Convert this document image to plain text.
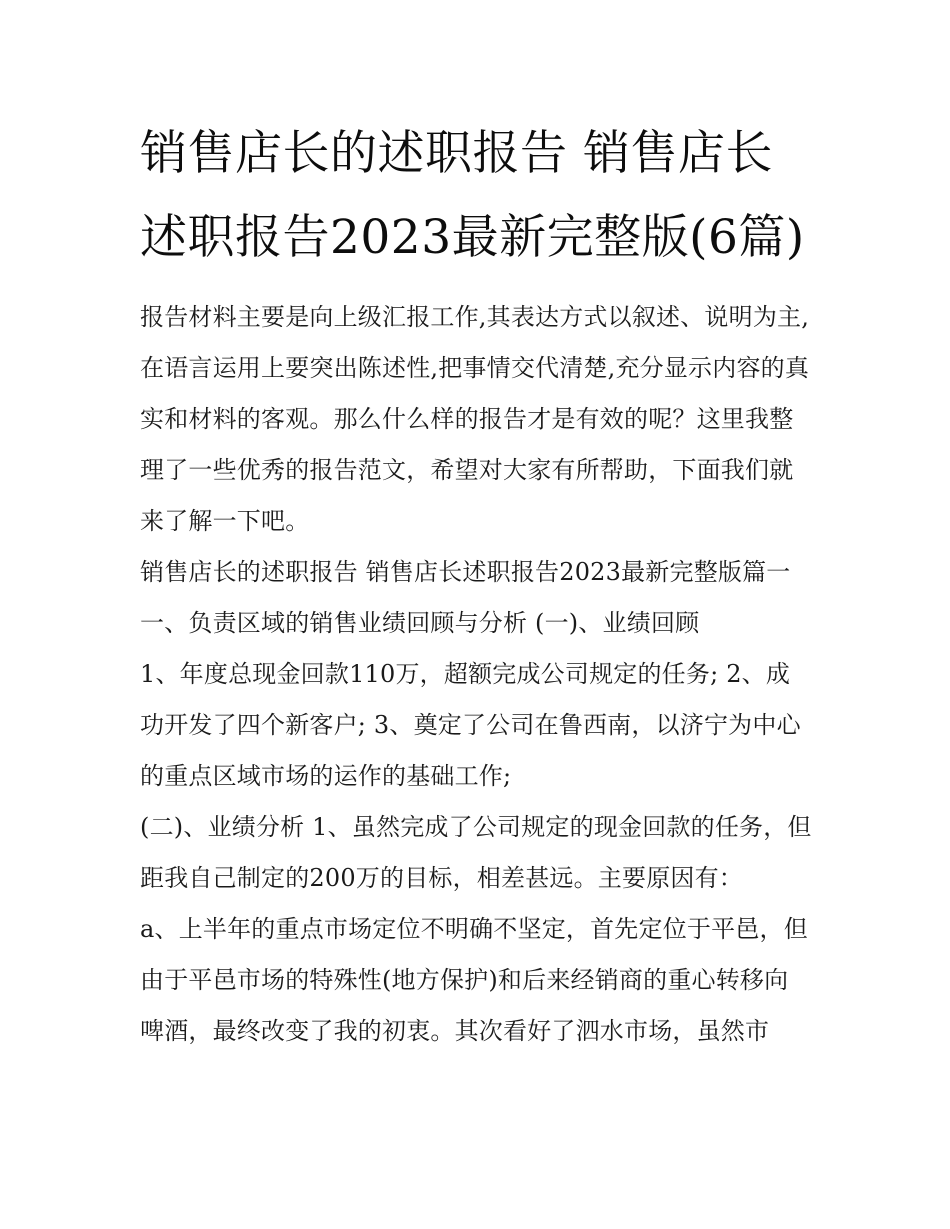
销售店长的述职报告 销售店长述职报告2023最新完整版(6篇)

报告材料主要是向上级汇报工作,其表达方式以叙述、说明为主,在语言运用上要突出陈述性,把事情交代清楚,充分显示内容的真实和材料的客观。那么什么样的报告才是有效的呢？这里我整理了一些优秀的报告范文，希望对大家有所帮助，下面我们就来了解一下吧。

销售店长的述职报告 销售店长述职报告2023最新完整版篇一

一、负责区域的销售业绩回顾与分析 (一)、业绩回顾

1、年度总现金回款110万，超额完成公司规定的任务; 2、成功开发了四个新客户; 3、奠定了公司在鲁西南，以济宁为中心的重点区域市场的运作的基础工作;

(二)、业绩分析 1、虽然完成了公司规定的现金回款的任务，但距我自己制定的200万的目标，相差甚远。主要原因有：

a、上半年的重点市场定位不明确不坚定，首先定位于平邑，但由于平邑市场的特殊性(地方保护)和后来经销商的重心转移向啤酒，最终改变了我的初衷。其次看好了泗水市场，虽然市
